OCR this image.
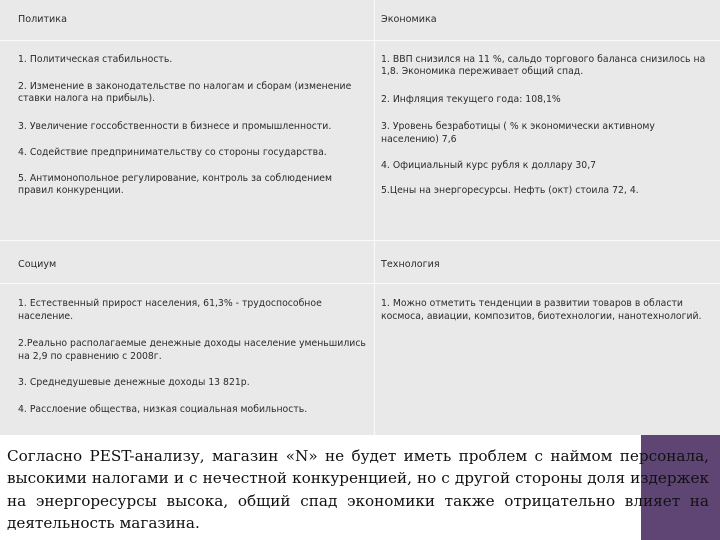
Политика
1. Политическая стабильность.
2. Изменение в законодательстве по налогам и сборам (изменение
ставки налога на прибыль).
3. Увеличение госсобственности в бизнесе и промышленности.
4. Содействие предпринимательству со стороны государства.
5. Антимонопольное регулирование, контроль за соблюдением
правил конкуренции.
Экономика
1. ВВП снизился на 11 %, сальдо торгового баланса снизилось на
1,8. Экономика переживает общий спад.
2. Инфляция текущего года: 108,1%
3. Уровень безработицы ( % к экономически активному
населению) 7,6
4. Официальный курс рубля к доллару 30,7
5.Цены на энергоресурсы. Нефть (окт) стоила 72, 4.
Социум
1. Естественный прирост населения, 61,3% - трудоспособное
население.
2.Реально располагаемые денежные доходы население уменьшились
на 2,9 по сравнению с 2008г.
3. Среднедушевые денежные доходы 13 821р.
4. Расслоение общества, низкая социальная мобильность.
Технология
1. Можно отметить тенденции в развитии товаров в области
космоса, авиации, композитов, биотехнологии, нанотехнологий.
Согласно PEST-анализу, магазин «N» не будет иметь проблем с наймом персонала, высокими налогами и с нечестной конкуренцией, но с другой стороны доля издержек на энергоресурсы высока, общий спад экономики также отрицательно влияет на деятельность магазина.
